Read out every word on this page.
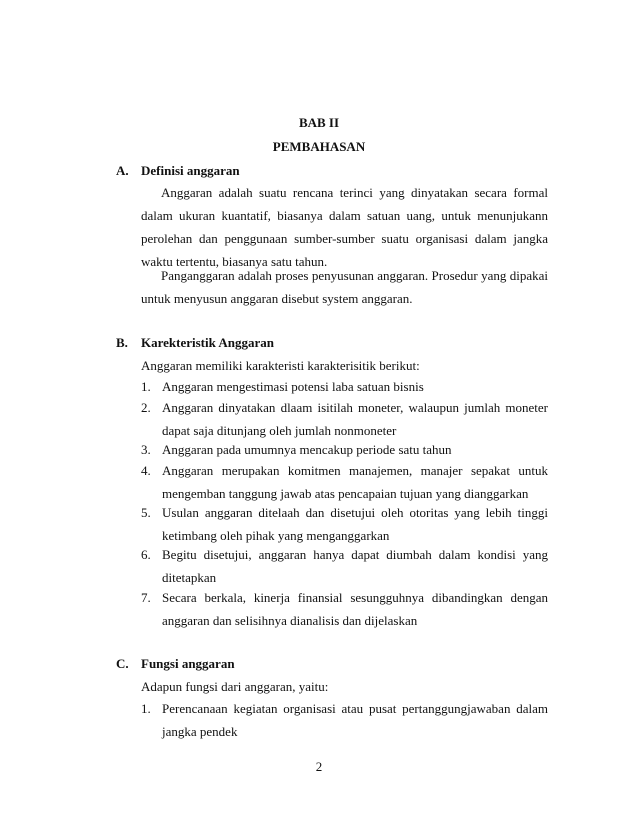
BAB II
PEMBAHASAN
A. Definisi anggaran
Anggaran adalah suatu rencana terinci yang dinyatakan secara formal dalam ukuran kuantatif, biasanya dalam satuan uang, untuk menunjukann perolehan dan penggunaan sumber-sumber suatu organisasi dalam jangka waktu tertentu, biasanya satu tahun.
Panganggaran adalah proses penyusunan anggaran. Prosedur yang dipakai untuk menyusun anggaran disebut system anggaran.
B. Karekteristik Anggaran
Anggaran memiliki karakteristi karakterisitik berikut:
1. Anggaran mengestimasi potensi laba satuan bisnis
2. Anggaran dinyatakan dlaam isitilah moneter, walaupun jumlah moneter dapat saja ditunjang oleh jumlah nonmoneter
3. Anggaran pada umumnya mencakup periode satu tahun
4. Anggaran merupakan komitmen manajemen, manajer sepakat untuk mengemban tanggung jawab atas pencapaian tujuan yang dianggarkan
5. Usulan anggaran ditelaah dan disetujui oleh otoritas yang lebih tinggi ketimbang oleh pihak yang menganggarkan
6. Begitu disetujui, anggaran hanya dapat diumbah dalam kondisi yang ditetapkan
7. Secara berkala, kinerja finansial sesungguhnya dibandingkan dengan anggaran dan selisihnya dianalisis dan dijelaskan
C. Fungsi anggaran
Adapun fungsi dari anggaran, yaitu:
1. Perencanaan kegiatan organisasi atau pusat pertanggungjawaban dalam jangka pendek
2
